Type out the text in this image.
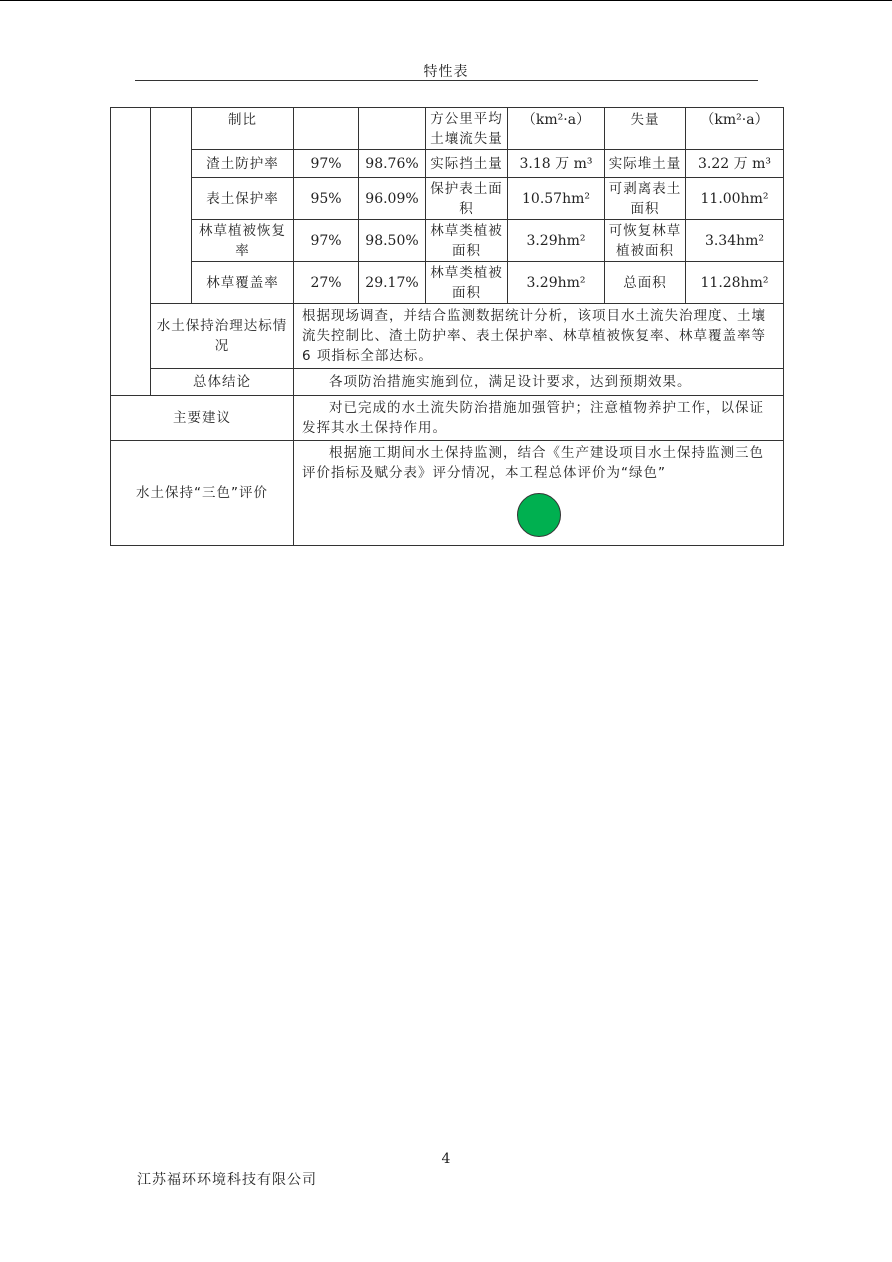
特性表
		制比			方公里平均土壤流失量	（km²·a）	失量	（km²·a）
		渣土防护率	97%	98.76%	实际挡土量	3.18 万 m³	实际堆土量	3.22 万 m³
		表土保护率	95%	96.09%	保护表土面积	10.57hm²	可剥离表土面积	11.00hm²
		林草植被恢复率	97%	98.50%	林草类植被面积	3.29hm²	可恢复林草植被面积	3.34hm²
		林草覆盖率	27%	29.17%	林草类植被面积	3.29hm²	总面积	11.28hm²
	水土保持治理达标情况		根据现场调查，并结合监测数据统计分析，该项目水土流失治理度、土壤流失控制比、渣土防护率、表土保护率、林草植被恢复率、林草覆盖率等 6 项指标全部达标。					
	总体结论		各项防治措施实施到位，满足设计要求，达到预期效果。					
主要建议			对已完成的水土流失防治措施加强管护；注意植物养护工作，以保证发挥其水土保持作用。					
水土保持“三色”评价			根据施工期间水土保持监测，结合《生产建设项目水土保持监测三色评价指标及赋分表》评分情况，本工程总体评价为“绿色”					
4
江苏福环环境科技有限公司
